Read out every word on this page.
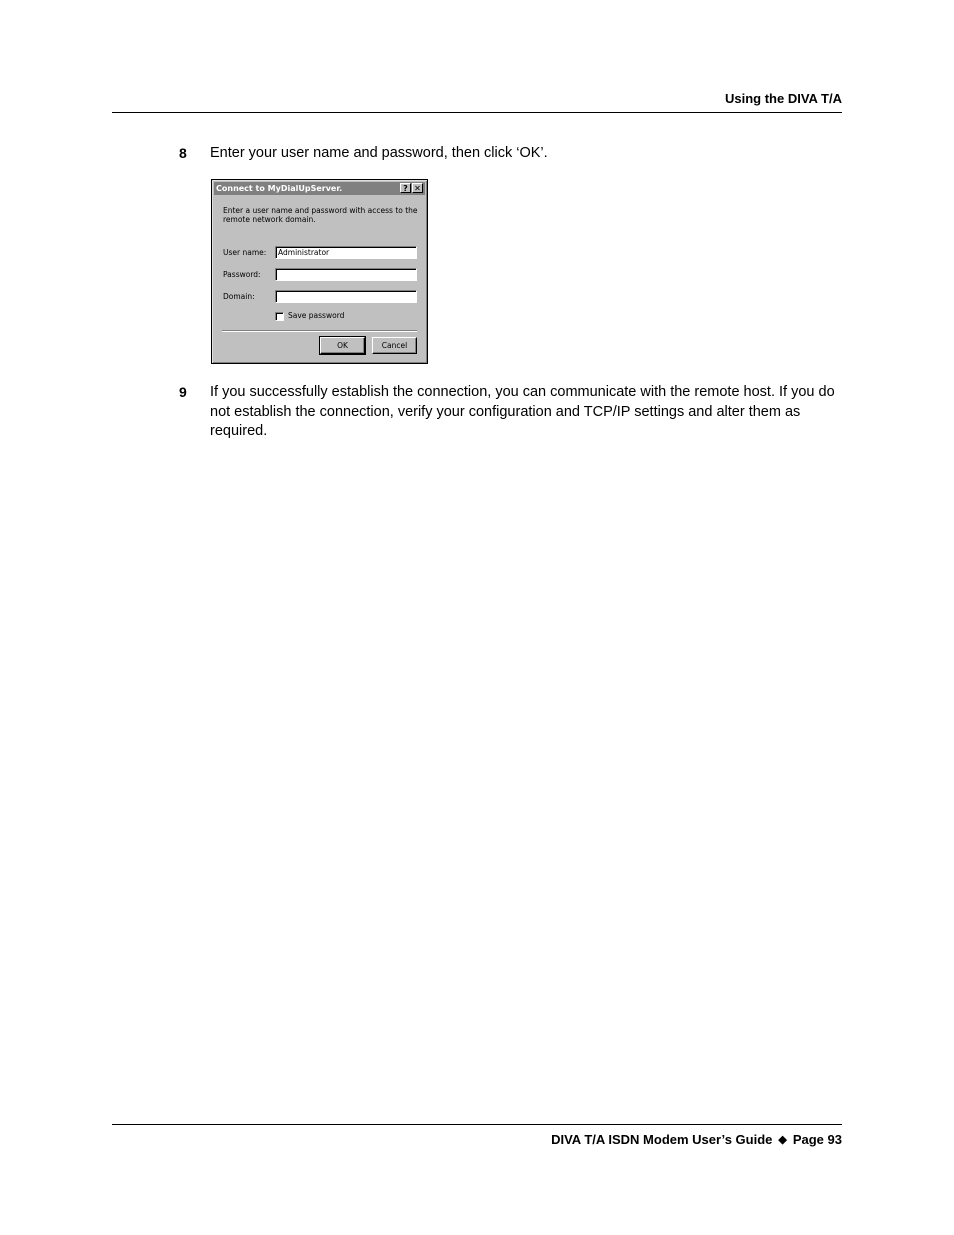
Using the DIVA T/A
8 Enter your user name and password, then click ‘OK’.
Connect to MyDialUpServer.	? ✕
Enter a user name and password with access to the remote network domain.
User name:	Administrator
Password:
Domain:
Save password
OK	Cancel
9 If you successfully establish the connection, you can communicate with the remote host. If you do not establish the connection, verify your configuration and TCP/IP settings and alter them as required.
DIVA T/A ISDN Modem User’s Guide ◆ Page 93
